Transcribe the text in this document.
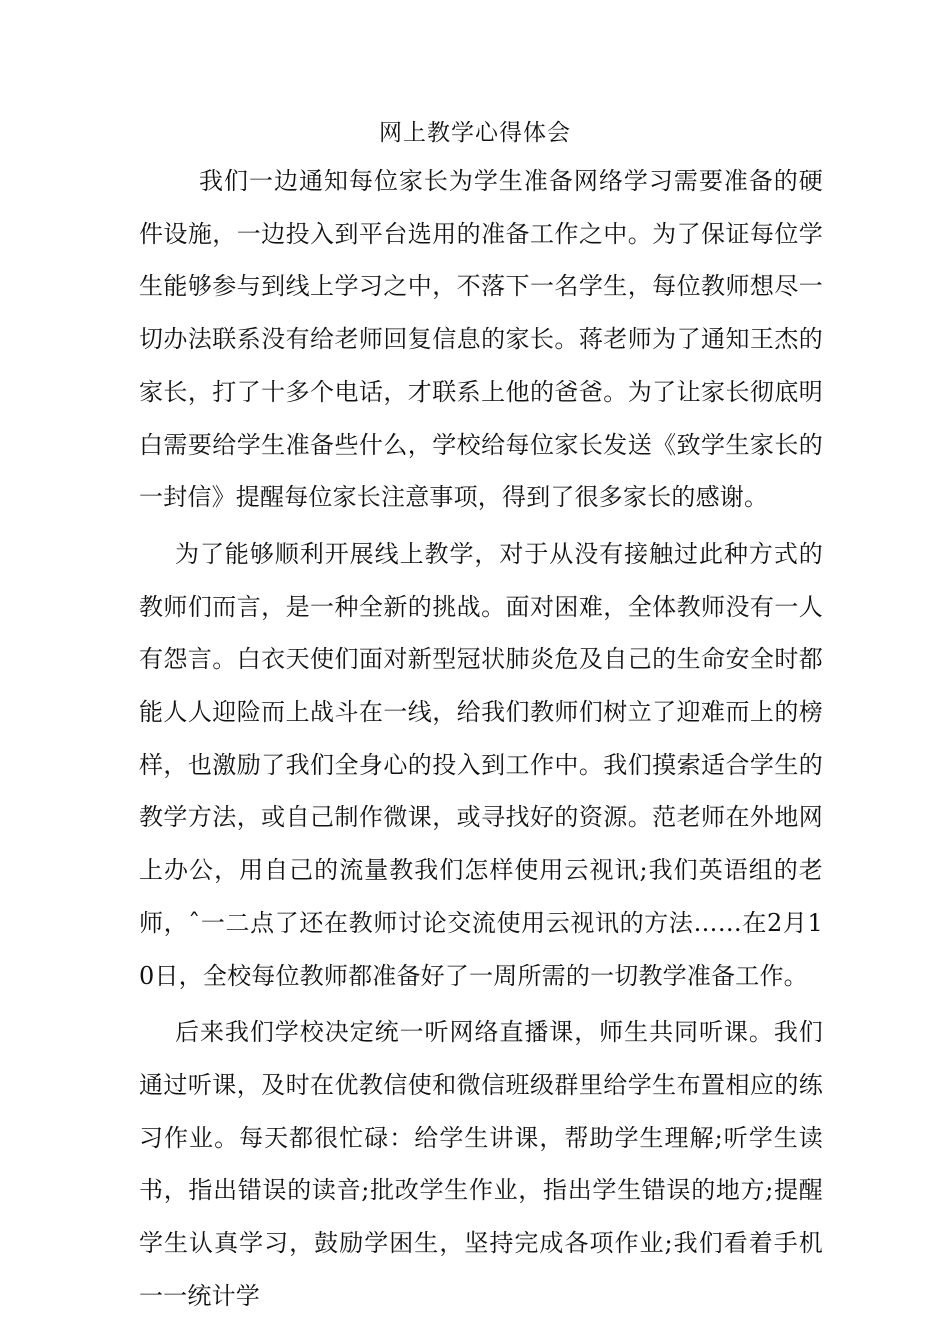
网上教学心得体会

我们一边通知每位家长为学生准备网络学习需要准备的硬件设施，一边投入到平台选用的准备工作之中。为了保证每位学生能够参与到线上学习之中，不落下一名学生，每位教师想尽一切办法联系没有给老师回复信息的家长。蒋老师为了通知王杰的家长，打了十多个电话，才联系上他的爸爸。为了让家长彻底明白需要给学生准备些什么，学校给每位家长发送《致学生家长的一封信》提醒每位家长注意事项，得到了很多家长的感谢。

为了能够顺利开展线上教学，对于从没有接触过此种方式的教师们而言，是一种全新的挑战。面对困难，全体教师没有一人有怨言。白衣天使们面对新型冠状肺炎危及自己的生命安全时都能人人迎险而上战斗在一线，给我们教师们树立了迎难而上的榜样，也激励了我们全身心的投入到工作中。我们摸索适合学生的教学方法，或自己制作微课，或寻找好的资源。范老师在外地网上办公，用自己的流量教我们怎样使用云视讯;我们英语组的老师，ˆ一二点了还在教师讨论交流使用云视讯的方法……在2月10日，全校每位教师都准备好了一周所需的一切教学准备工作。

后来我们学校决定统一听网络直播课，师生共同听课。我们通过听课，及时在优教信使和微信班级群里给学生布置相应的练习作业。每天都很忙碌：给学生讲课，帮助学生理解;听学生读书，指出错误的读音;批改学生作业，指出学生错误的地方;提醒学生认真学习，鼓励学困生，坚持完成各项作业;我们看着手机一一统计学
